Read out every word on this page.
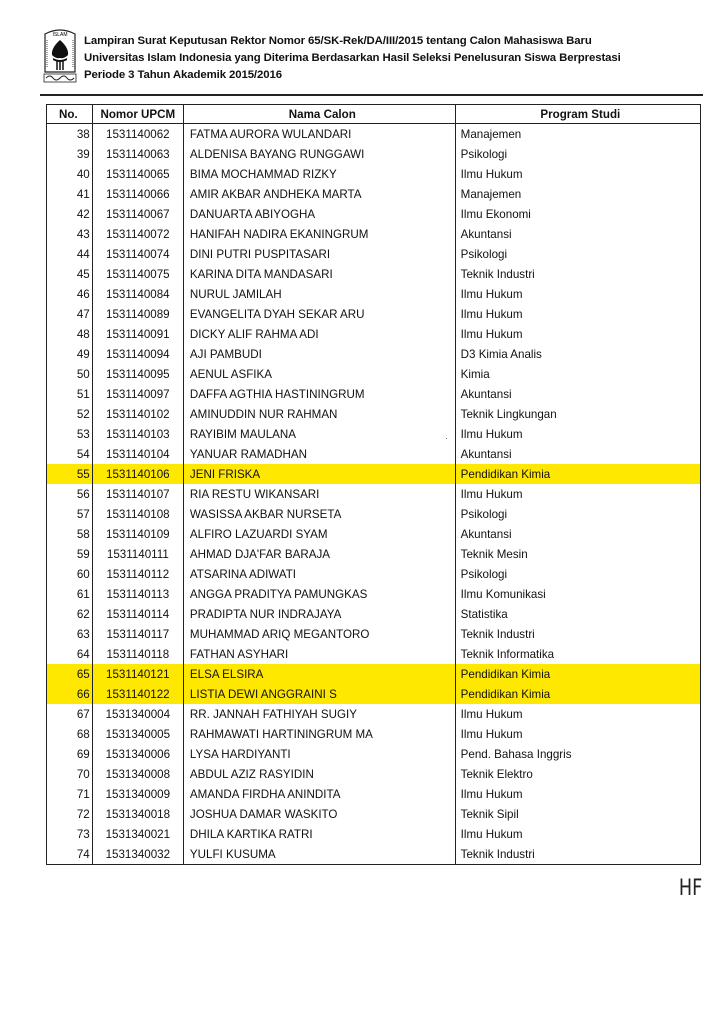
ISLAM Lampiran Surat Keputusan Rektor Nomor 65/SK-Rek/DA/III/2015 tentang Calon Mahasiswa Baru
Universitas Islam Indonesia yang Diterima Berdasarkan Hasil Seleksi Penelusuran Siswa Berprestasi
Periode 3 Tahun Akademik 2015/2016
No.	Nomor UPCM	Nama Calon	Program Studi
38	1531140062	FATMA AURORA WULANDARI	Manajemen
39	1531140063	ALDENISA BAYANG RUNGGAWI	Psikologi
40	1531140065	BIMA MOCHAMMAD RIZKY	Ilmu Hukum
41	1531140066	AMIR AKBAR ANDHEKA MARTA	Manajemen
42	1531140067	DANUARTA ABIYOGHA	Ilmu Ekonomi
43	1531140072	HANIFAH NADIRA EKANINGRUM	Akuntansi
44	1531140074	DINI PUTRI PUSPITASARI	Psikologi
45	1531140075	KARINA DITA MANDASARI	Teknik Industri
46	1531140084	NURUL JAMILAH	Ilmu Hukum
47	1531140089	EVANGELITA DYAH SEKAR ARU	Ilmu Hukum
48	1531140091	DICKY ALIF RAHMA ADI	Ilmu Hukum
49	1531140094	AJI PAMBUDI	D3 Kimia Analis
50	1531140095	AENUL ASFIKA	Kimia
51	1531140097	DAFFA AGTHIA HASTININGRUM	Akuntansi
52	1531140102	AMINUDDIN NUR RAHMAN	Teknik Lingkungan
53	1531140103	RAYIBIM MAULANA	Ilmu Hukum
54	1531140104	YANUAR RAMADHAN	Akuntansi
55	1531140106	JENI FRISKA	Pendidikan Kimia
56	1531140107	RIA RESTU WIKANSARI	Ilmu Hukum
57	1531140108	WASISSA AKBAR NURSETA	Psikologi
58	1531140109	ALFIRO LAZUARDI SYAM	Akuntansi
59	1531140111	AHMAD DJA'FAR BARAJA	Teknik Mesin
60	1531140112	ATSARINA ADIWATI	Psikologi
61	1531140113	ANGGA PRADITYA PAMUNGKAS	Ilmu Komunikasi
62	1531140114	PRADIPTA NUR INDRAJAYA	Statistika
63	1531140117	MUHAMMAD ARIQ MEGANTORO	Teknik Industri
64	1531140118	FATHAN ASYHARI	Teknik Informatika
65	1531140121	ELSA ELSIRA	Pendidikan Kimia
66	1531140122	LISTIA DEWI ANGGRAINI S	Pendidikan Kimia
67	1531340004	RR. JANNAH FATHIYAH SUGIY	Ilmu Hukum
68	1531340005	RAHMAWATI HARTININGRUM MA	Ilmu Hukum
69	1531340006	LYSA HARDIYANTI	Pend. Bahasa Inggris
70	1531340008	ABDUL AZIZ RASYIDIN	Teknik Elektro
71	1531340009	AMANDA FIRDHA ANINDITA	Ilmu Hukum
72	1531340018	JOSHUA DAMAR WASKITO	Teknik Sipil
73	1531340021	DHILA KARTIKA RATRI	Ilmu Hukum
74	1531340032	YULFI KUSUMA	Teknik Industri
HF
